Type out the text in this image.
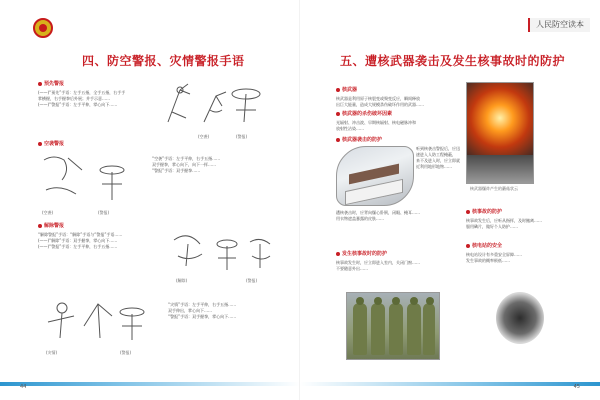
四、防空警报、灾情警报手语
预先警报
(——)“预先”手语：左手五指，全手五指，右手手
掌横握，右手握拳后外展；并手示意……
(——)“警报”手语：左手平伸，掌心向下……
(空袭)	(警报)
空袭警报
(空袭)	(警报)
“空袭”手语：左手平伸，右手五指……
双手握拳，掌心向下，向下一挥……
“警报”手语：双手握拳……
解除警报
“解除警报”手语：“解除”手语与“警报”手语……
(——)“解除”手语：双手握拳，掌心向下……
(——)“警报”手语：左手平伸，右手五指……
(解除)	(警报)
(灾情)	(警报)
“灾情”手语：左手平伸，右手五指……
双手伸出，掌心向下……
“警报”手语：双手握拳，掌心向下……
44
人民防空读本
五、遭核武器袭击及发生核事故时的防护
核武器
核武器是利用原子核裂变或聚变反应，瞬间释放
出巨大能量，造成大规模杀伤破坏作用的武器……
核武器的杀伤破坏因素
光辐射、冲击波、早期核辐射、核电磁脉冲和
放射性沾染……
核武器袭击的防护
听到核袭击警报后，应迅速进入人防工程掩蔽，
来不及进入时，应立即就近利用地形地物……
核武器爆炸产生的蘑菇状云
遭核袭击时，应背向爆心卧倒，闭眼、掩耳……
用衣物遮盖暴露的皮肤……
核事故的防护
核事故发生后，应听从指挥，及时撤离……
服用碘片，做好个人防护……
发生核事故时的防护
核事故发生时，应立即进入室内，关闭门窗……
不要随意外出……
核电站的安全
核电站设计有多重安全屏障……
发生事故的概率极低……
45
